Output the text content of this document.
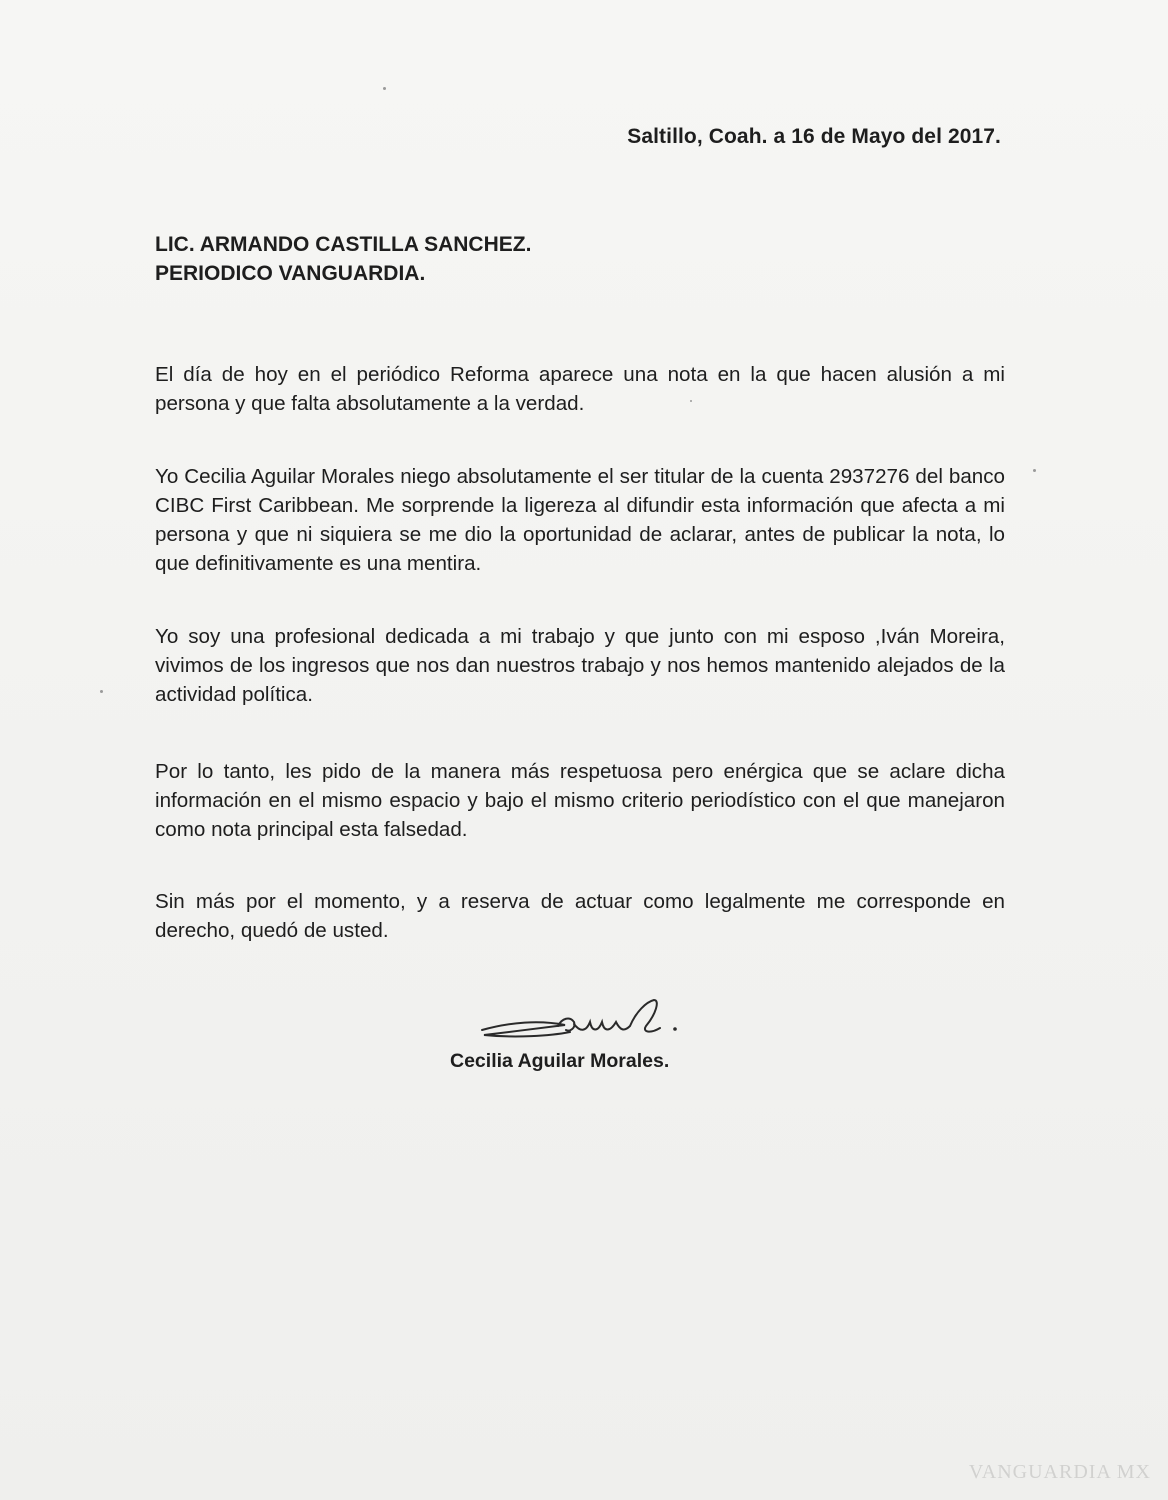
Saltillo, Coah. a 16 de Mayo del 2017.
LIC. ARMANDO CASTILLA SANCHEZ.
PERIODICO VANGUARDIA.

El día de hoy en el periódico Reforma aparece una nota en la que hacen alusión a mi persona y que falta absolutamente a la verdad.

Yo Cecilia Aguilar Morales niego absolutamente el ser titular de la cuenta 2937276 del banco CIBC First Caribbean. Me sorprende la ligereza al difundir esta información que afecta a mi persona y que ni siquiera se me dio la oportunidad de aclarar, antes de publicar la nota, lo que definitivamente es una mentira.

Yo soy una profesional dedicada a mi trabajo y que junto con mi esposo ,Iván Moreira, vivimos de los ingresos que nos dan nuestros trabajo y nos hemos mantenido alejados de la actividad política.

Por lo tanto, les pido de la manera más respetuosa pero enérgica que se aclare dicha información en el mismo espacio y bajo el mismo criterio periodístico con el que manejaron como nota principal esta falsedad.

Sin más por el momento, y a reserva de actuar como legalmente me corresponde en derecho, quedó de usted.

Cecilia Aguilar Morales.
VANGUARDIA MX
